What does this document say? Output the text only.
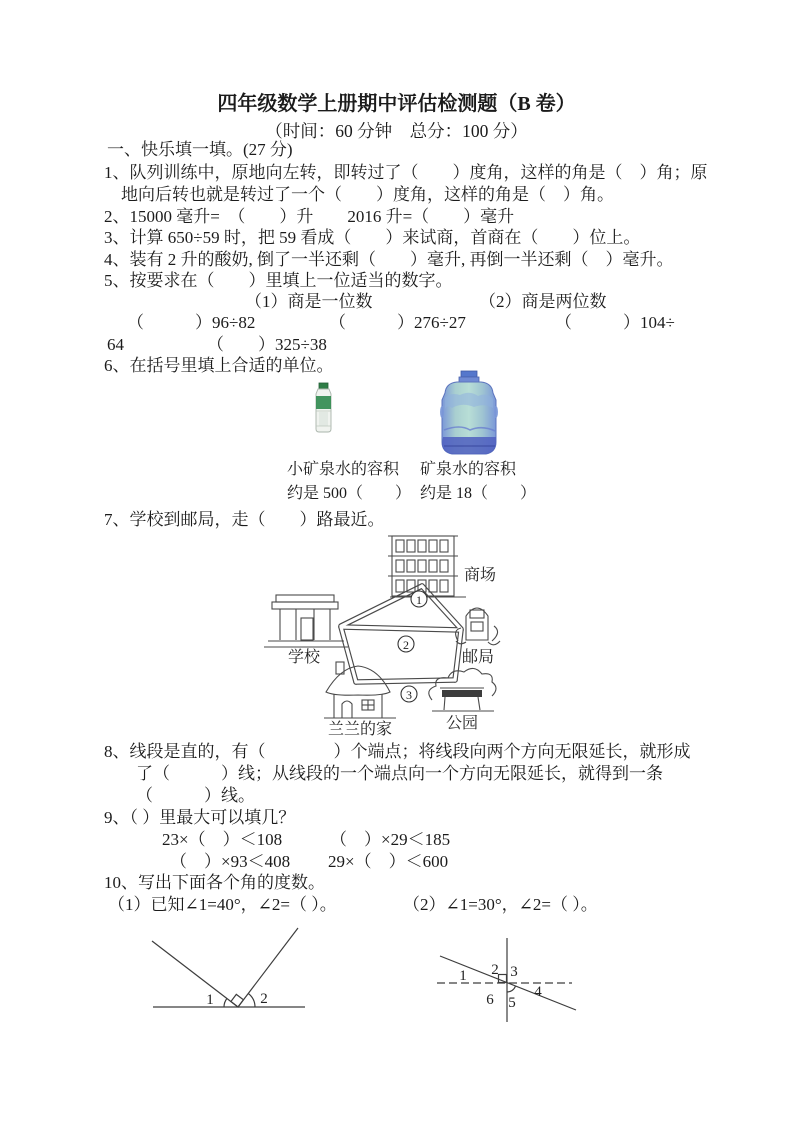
四年级数学上册期中评估检测题（B 卷）
（时间：60 分钟　总分：100 分）
一、快乐填一填。(27 分)
1、队列训练中，原地向左转，即转过了（　　）度角，这样的角是（　）角；原
地向后转也就是转过了一个（　　）度角，这样的角是（　）角。
2、15000 毫升=　（　　）升　　2016 升=（　　）毫升
3、计算 650÷59 时，把 59 看成（　　）来试商，首商在（　　）位上。
4、装有 2 升的酸奶, 倒了一半还剩（　　）毫升, 再倒一半还剩（　）毫升。
5、按要求在（　　）里填上一位适当的数字。
（1）商是一位数	（2）商是两位数
（　　　）96÷82	（　　　）276÷27	（　　　）104÷
64	（　　）325÷38
6、在括号里填上合适的单位。
小矿泉水的容积
约是 500（　　）
矿泉水的容积
约是 18（　　）
7、学校到邮局，走（　　）路最近。
1
2
3
商场
学校	邮局
兰兰的家	公园
8、线段是直的，有（　　　　）个端点；将线段向两个方向无限延长，就形成
了（　　　）线；从线段的一个端点向一个方向无限延长，就得到一条
（　　　）线。
9、（ ）里最大可以填几？
23×（　）＜108	（　）×29＜185
（　）×93＜408 29×（　）＜600
10、写出下面各个角的度数。
（1）已知∠1=40°，∠2=（ ）。	（2）∠1=30°，∠2=（ ）。
1	2
1 2 3
4
5
6
